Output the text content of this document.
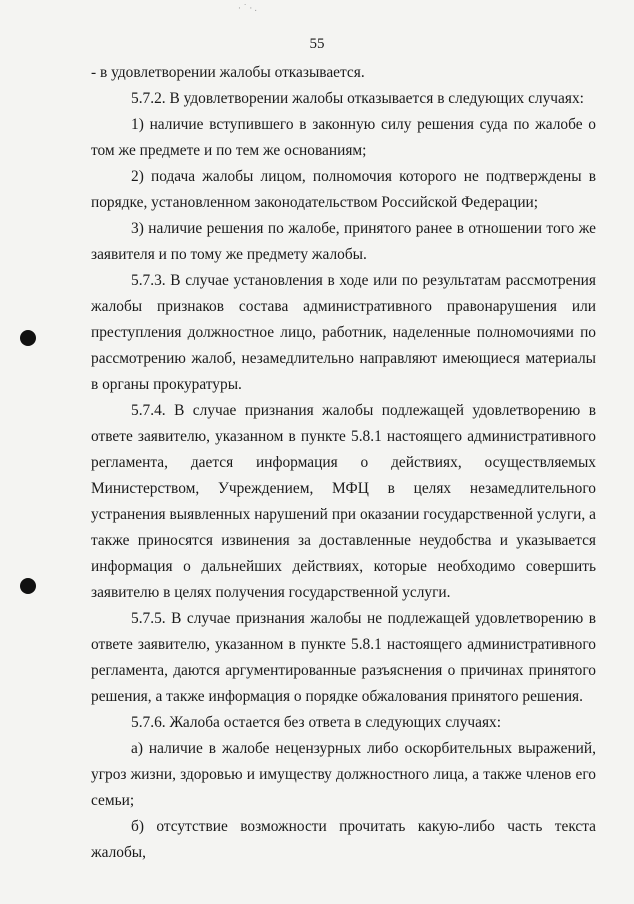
·˙·.
55

- в удовлетворении жалобы отказывается.

5.7.2. В удовлетворении жалобы отказывается в следующих случаях:

1) наличие вступившего в законную силу решения суда по жалобе о том же предмете и по тем же основаниям;

2) подача жалобы лицом, полномочия которого не подтверждены в порядке, установленном законодательством Российской Федерации;

3) наличие решения по жалобе, принятого ранее в отношении того же заявителя и по тому же предмету жалобы.

5.7.3. В случае установления в ходе или по результатам рассмотрения жалобы признаков состава административного правонарушения или преступления должностное лицо, работник, наделенные полномочиями по рассмотрению жалоб, незамедлительно направляют имеющиеся материалы в органы прокуратуры.

5.7.4. В случае признания жалобы подлежащей удовлетворению в ответе заявителю, указанном в пункте 5.8.1 настоящего административного регламента, дается информация о действиях, осуществляемых Министерством, Учреждением, МФЦ в целях незамедлительного устранения выявленных нарушений при оказании государственной услуги, а также приносятся извинения за доставленные неудобства и указывается информация о дальнейших действиях, которые необходимо совершить заявителю в целях получения государственной услуги.

5.7.5. В случае признания жалобы не подлежащей удовлетворению в ответе заявителю, указанном в пункте 5.8.1 настоящего административного регламента, даются аргументированные разъяснения о причинах принятого решения, а также информация о порядке обжалования принятого решения.

5.7.6. Жалоба остается без ответа в следующих случаях:

а) наличие в жалобе нецензурных либо оскорбительных выражений, угроз жизни, здоровью и имуществу должностного лица, а также членов его семьи;

б) отсутствие возможности прочитать какую-либо часть текста жалобы,
